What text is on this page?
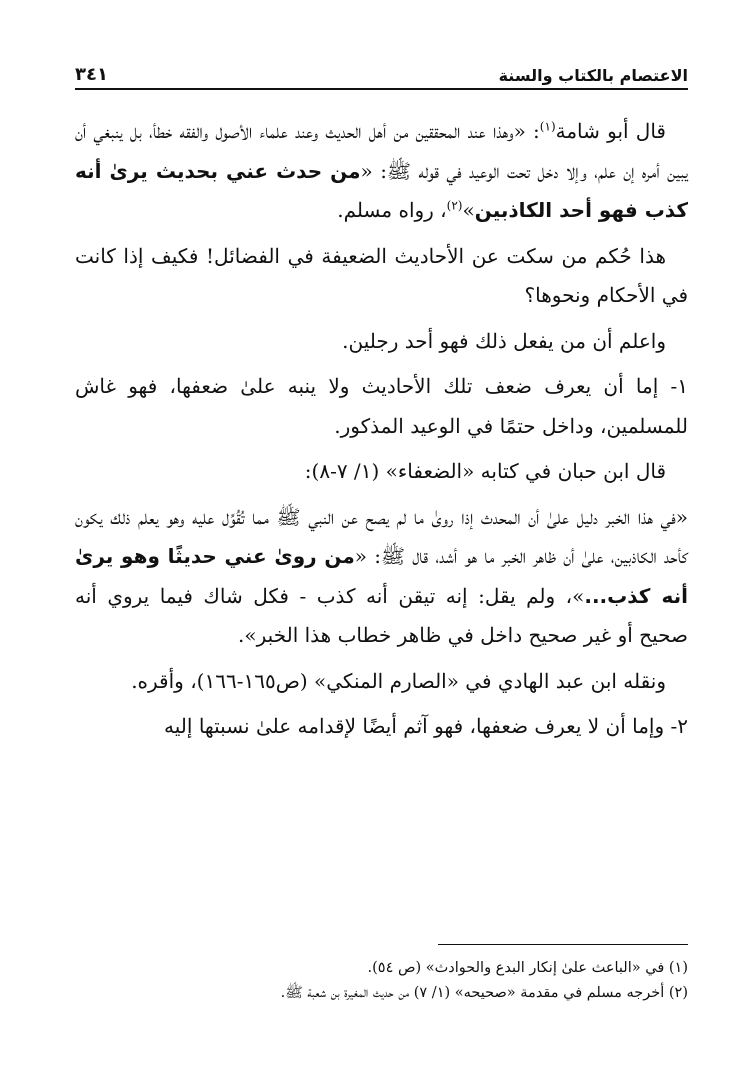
الاعتصام بالكتاب والسنة
٣٤١

قال أبو شامة$^{(١)}$: «وهذا عند المحققين من أهل الحديث وعند علماء الأصول والفقه خطأ، بل ينبغي أن يبين أمره إن علم، وإلا دخل تحت الوعيد في قوله ﷺ: «من حدث عني بحديث يرىٰ أنه كذب فهو أحد الكاذبين»$^{(٢)}$، رواه مسلم.

هذا حُكم من سكت عن الأحاديث الضعيفة في الفضائل! فكيف إذا كانت في الأحكام ونحوها؟

واعلم أن من يفعل ذلك فهو أحد رجلين.

١- إما أن يعرف ضعف تلك الأحاديث ولا ينبه علىٰ ضعفها، فهو غاش للمسلمين، وداخل حتمًا في الوعيد المذكور.

قال ابن حبان في كتابه «الضعفاء» (١/ ٧-٨):

«في هذا الخبر دليل علىٰ أن المحدث إذا روىٰ ما لم يصح عن النبي ﷺ مما تُقُوِّل عليه وهو يعلم ذلك يكون كأحد الكاذبين، علىٰ أن ظاهر الخبر ما هو أشد، قال ﷺ: «من روىٰ عني حديثًا وهو يرىٰ أنه كذب...»، ولم يقل: إنه تيقن أنه كذب - فكل شاك فيما يروي أنه صحيح أو غير صحيح داخل في ظاهر خطاب هذا الخبر».

ونقله ابن عبد الهادي في «الصارم المنكي» (ص١٦٥-١٦٦)، وأقره.

٢- وإما أن لا يعرف ضعفها، فهو آثم أيضًا لإقدامه علىٰ نسبتها إليه

(١) في «الباعث علىٰ إنكار البدع والحوادث» (ص ٥٤).
(٢) أخرجه مسلم في مقدمة «صحيحه» (١/ ٧) من حديث المغيرة بن شعبة ﷺ.
